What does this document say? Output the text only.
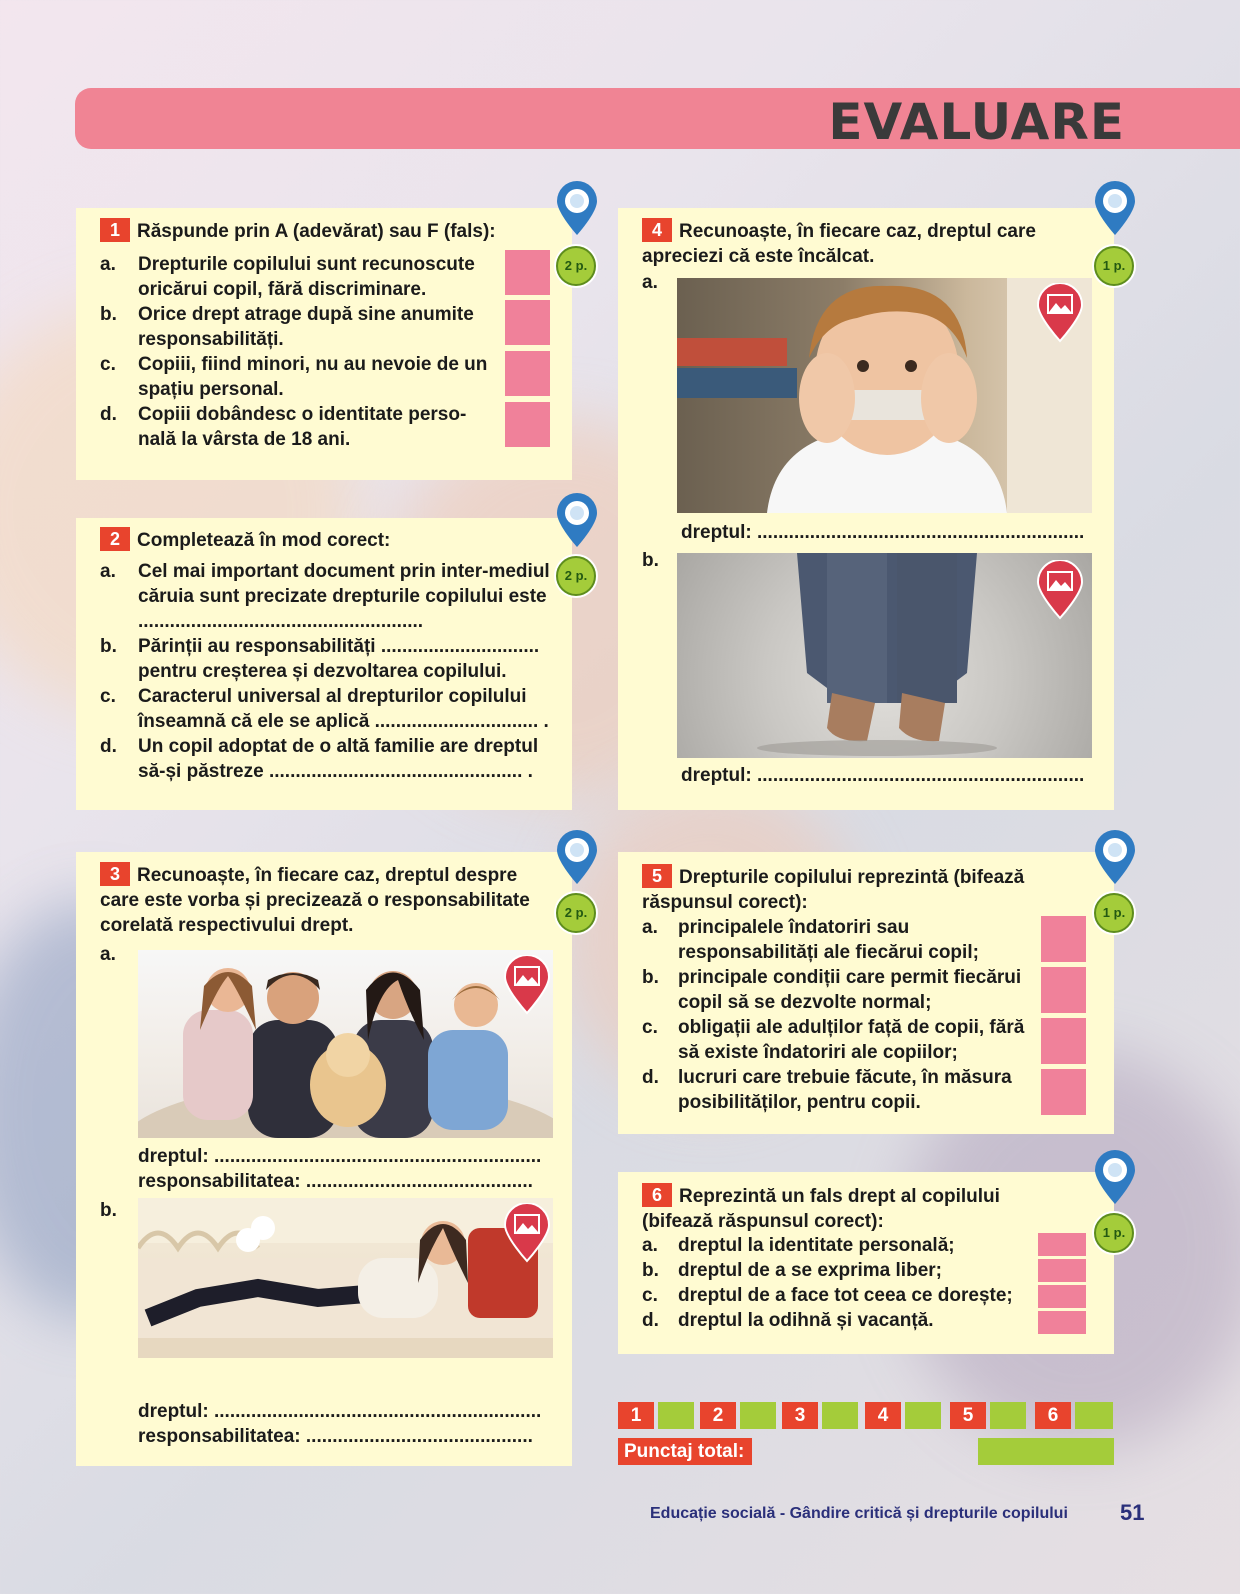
EVALUARE
1 Răspunde prin A (adevărat) sau F (fals):
a. Drepturile copilului sunt recunoscute oricărui copil, fără discriminare.
b. Orice drept atrage după sine anumite responsabilități.
c. Copiii, fiind minori, nu au nevoie de un spațiu personal.
d. Copiii dobândesc o identitate perso-nală la vârsta de 18 ani.
2 p.
2 Completează în mod corect:
a. Cel mai important document prin inter-mediul căruia sunt precizate drepturile copilului este ......................................................
b. Părinții au responsabilități .............................. pentru creșterea și dezvoltarea copilului.
c. Caracterul universal al drepturilor copilului înseamnă că ele se aplică ............................... .
d. Un copil adoptat de o altă familie are dreptul să-și păstreze ................................................ .
2 p.
3 Recunoaște, în fiecare caz, dreptul despre care este vorba și precizează o responsabilitate corelată respectivului drept.
a.
dreptul: ..............................................................
responsabilitatea: ...........................................
b.
dreptul: ..............................................................
responsabilitatea: ...........................................
2 p.
4 Recunoaște, în fiecare caz, dreptul care apreciezi că este încălcat.
a.
dreptul: ..............................................................
b.
dreptul: ..............................................................
1 p.
5 Drepturile copilului reprezintă (bifează răspunsul corect):
a. principalele îndatoriri sau responsabilități ale fiecărui copil;
b. principale condiții care permit fiecărui copil să se dezvolte normal;
c. obligații ale adulților față de copii, fără să existe îndatoriri ale copiilor;
d. lucruri care trebuie făcute, în măsura posibilităților, pentru copii.
1 p.
6 Reprezintă un fals drept al copilului (bifează răspunsul corect):
a. dreptul la identitate personală;
b. dreptul de a se exprima liber;
c. dreptul de a face tot ceea ce dorește;
d. dreptul la odihnă și vacanță.
1 p.
1	2	3	4	5	6
Punctaj total:
Educație socială - Gândire critică și drepturile copilului 51
